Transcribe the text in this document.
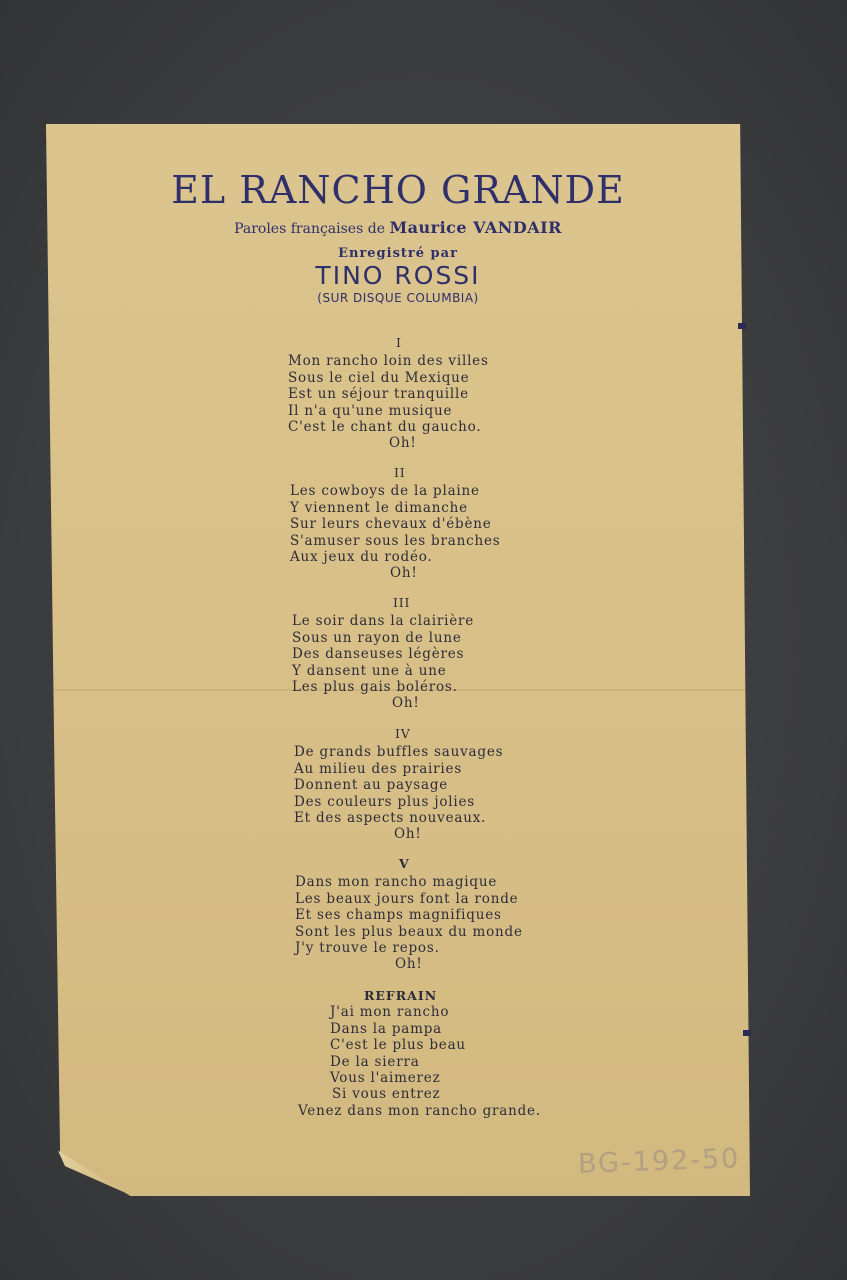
EL RANCHO GRANDE
Paroles françaises de Maurice VANDAIR
Enregistré par
TINO ROSSI
(SUR DISQUE COLUMBIA)
I
Mon rancho loin des villes
Sous le ciel du Mexique
Est un séjour tranquille
Il n'a qu'une musique
C'est le chant du gaucho.
Oh!
II
Les cowboys de la plaine
Y viennent le dimanche
Sur leurs chevaux d'ébène
S'amuser sous les branches
Aux jeux du rodéo.
Oh!
III
Le soir dans la clairière
Sous un rayon de lune
Des danseuses légères
Y dansent une à une
Les plus gais boléros.
Oh!
IV
De grands buffles sauvages
Au milieu des prairies
Donnent au paysage
Des couleurs plus jolies
Et des aspects nouveaux.
Oh!
V
Dans mon rancho magique
Les beaux jours font la ronde
Et ses champs magnifiques
Sont les plus beaux du monde
J'y trouve le repos.
Oh!
REFRAIN
J'ai mon rancho
Dans la pampa
C'est le plus beau
De la sierra
Vous l'aimerez
Si vous entrez
Venez dans mon rancho grande.
BG-192-50
